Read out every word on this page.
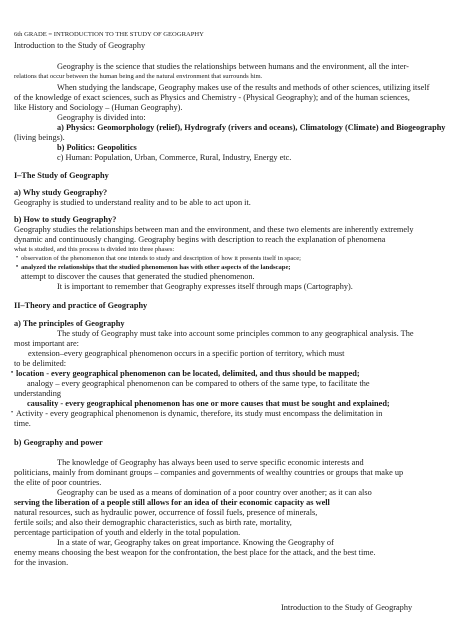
6th GRADE = INTRODUCTION TO THE STUDY OF GEOGRAPHY
Introduction to the Study of Geography
Geography is the science that studies the relationships between humans and the environment, all the inter-
relations that occur between the human being and the natural environment that surrounds him.
When studying the landscape, Geography makes use of the results and methods of other sciences, utilizing itself
of the knowledge of exact sciences, such as Physics and Chemistry - (Physical Geography); and of the human sciences,
like History and Sociology – (Human Geography).
Geography is divided into:
a) Physics: Geomorphology (relief), Hydrografy (rivers and oceans), Climatology (Climate) and Biogeography
(living beings).
b) Politics: Geopolitics
c) Human: Population, Urban, Commerce, Rural, Industry, Energy etc.
I–The Study of Geography
a) Why study Geography?
Geography is studied to understand reality and to be able to act upon it.
b) How to study Geography?
Geography studies the relationships between man and the environment, and these two elements are inherently extremely
dynamic and continuously changing. Geography begins with description to reach the explanation of phenomena
what is studied, and this process is divided into three phases:
• observation of the phenomenon that one intends to study and description of how it presents itself in space;
• analyzed the relationships that the studied phenomenon has with other aspects of the landscape;
attempt to discover the causes that generated the studied phenomenon.
It is important to remember that Geography expresses itself through maps (Cartography).
II–Theory and practice of Geography
a) The principles of Geography
The study of Geography must take into account some principles common to any geographical analysis. The
most important are:
extension–every geographical phenomenon occurs in a specific portion of territory, which must
to be delimited:
• location - every geographical phenomenon can be located, delimited, and thus should be mapped;
analogy – every geographical phenomenon can be compared to others of the same type, to facilitate the
understanding
causality - every geographical phenomenon has one or more causes that must be sought and explained;
• Activity - every geographical phenomenon is dynamic, therefore, its study must encompass the delimitation in
time.
b) Geography and power
The knowledge of Geography has always been used to serve specific economic interests and
politicians, mainly from dominant groups – companies and governments of wealthy countries or groups that make up
the elite of poor countries.
Geography can be used as a means of domination of a poor country over another; as it can also
serving the liberation of a people still allows for an idea of their economic capacity as well
natural resources, such as hydraulic power, occurrence of fossil fuels, presence of minerals,
fertile soils; and also their demographic characteristics, such as birth rate, mortality,
percentage participation of youth and elderly in the total population.
In a state of war, Geography takes on great importance. Knowing the Geography of
enemy means choosing the best weapon for the confrontation, the best place for the attack, and the best time.
for the invasion.
Introduction to the Study of Geography
